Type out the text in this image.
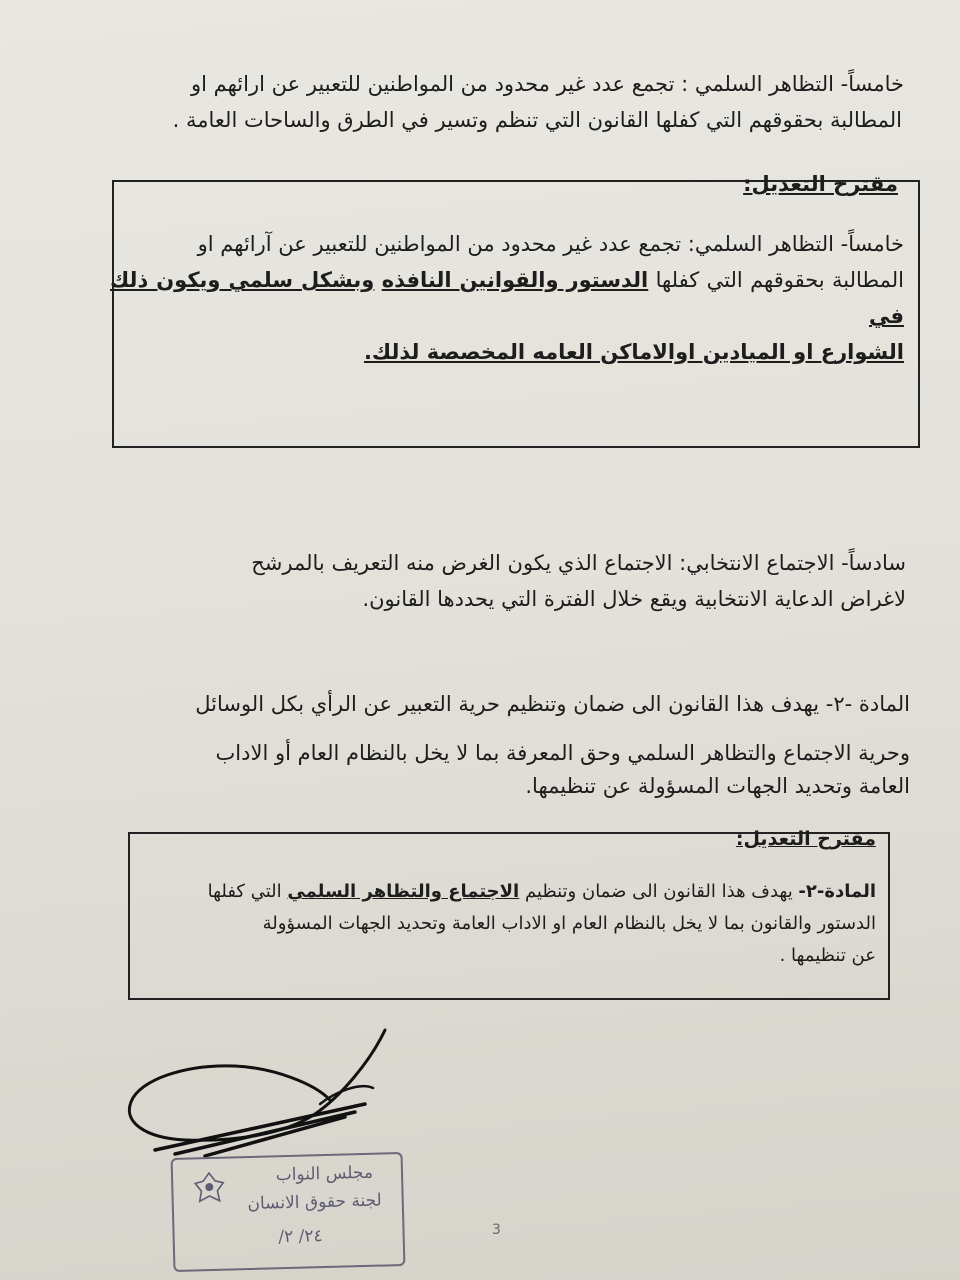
خامساً- التظاهر السلمي : تجمع عدد غير محدود من المواطنين للتعبير عن ارائهم او

المطالبة بحقوقهم التي كفلها القانون التي تنظم وتسير في الطرق والساحات العامة .

مقترح التعديل:

خامساً- التظاهر السلمي: تجمع عدد غير محدود من المواطنين للتعبير عن آرائهم او

المطالبة بحقوقهم التي كفلها الدستور والقوانين النافذه وبشكل سلمي ويكون ذلك في

الشوارع او الميادين اوالاماكن العامه المخصصة لذلك.

سادساً- الاجتماع الانتخابي: الاجتماع الذي يكون الغرض منه التعريف بالمرشح

لاغراض الدعاية الانتخابية ويقع خلال الفترة التي يحددها القانون.

المادة -٢- يهدف هذا القانون الى ضمان وتنظيم حرية التعبير عن الرأي بكل الوسائل

وحرية الاجتماع والتظاهر السلمي وحق المعرفة بما لا يخل بالنظام العام أو الاداب

العامة وتحديد الجهات المسؤولة عن تنظيمها.

مقترح التعديل:

المادة-٢- يهدف هذا القانون الى ضمان وتنظيم الاجتماع والتظاهر السلمي التي كفلها

الدستور والقانون بما لا يخل بالنظام العام او الاداب العامة وتحديد الجهات المسؤولة

عن تنظيمها .

مجلس النواب
لجنة حقوق الانسان
٢٤/ ٢/	3
